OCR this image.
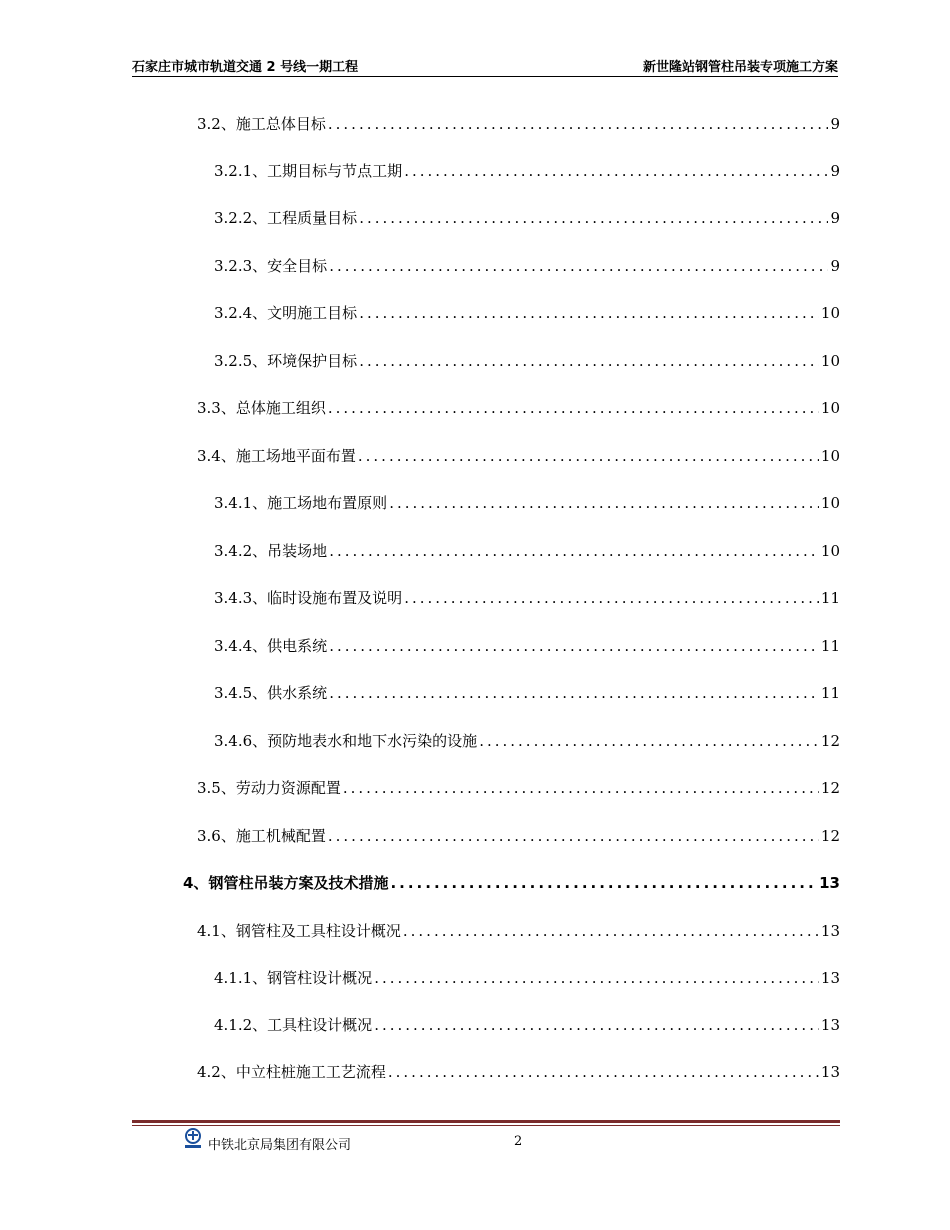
石家庄市城市轨道交通 2 号线一期工程	新世隆站钢管柱吊装专项施工方案
3.2、 施工总体目标 .....	9
3.2.1、 工期目标与节点工期 .....	9
3.2.2、 工程质量目标 .....	9
3.2.3、 安全目标 .....	9
3.2.4、 文明施工目标 .....	10
3.2.5、 环境保护目标 .....	10
3.3、 总体施工组织 .....	10
3.4、 施工场地平面布置 .....	10
3.4.1、 施工场地布置原则 .....	10
3.4.2、 吊装场地 .....	10
3.4.3、 临时设施布置及说明 .....	11
3.4.4、 供电系统 .....	11
3.4.5、 供水系统 .....	11
3.4.6、 预防地表水和地下水污染的设施 .....	12
3.5、 劳动力资源配置 .....	12
3.6、 施工机械配置 .....	12
4、 钢管柱吊装方案及技术措施 .....	13
4.1、 钢管柱及工具柱设计概况 .....	13
4.1.1、 钢管柱设计概况 .....	13
4.1.2、 工具柱设计概况 .....	13
4.2、 中立柱桩施工工艺流程 .....	13
中铁北京局集团有限公司	2
